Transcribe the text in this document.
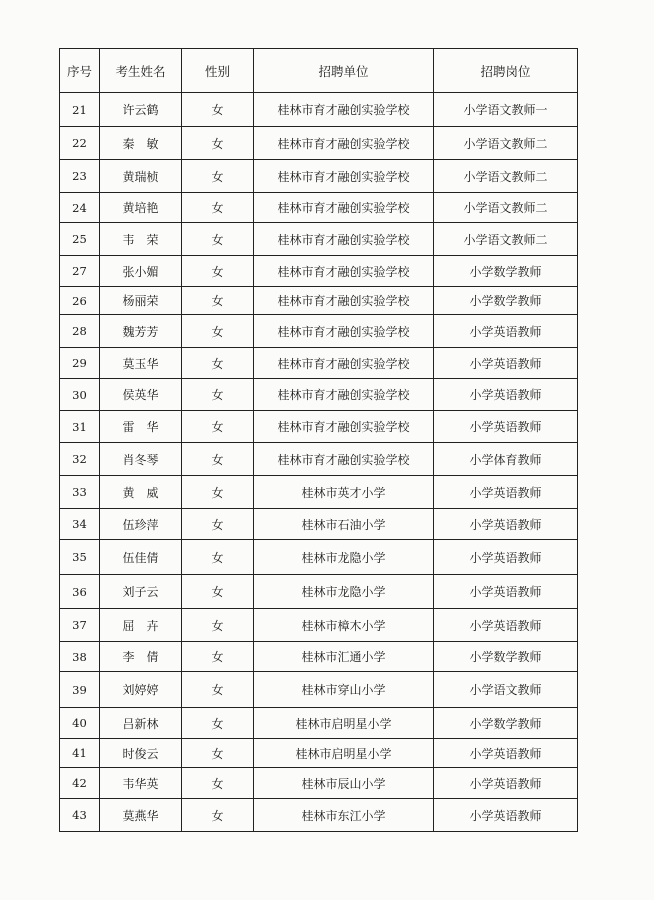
序号	考生姓名	性别	招聘单位	招聘岗位
21	许云鹤	女	桂林市育才融创实验学校	小学语文教师一
22	秦　敏	女	桂林市育才融创实验学校	小学语文教师二
23	黄瑞桢	女	桂林市育才融创实验学校	小学语文教师二
24	黄培艳	女	桂林市育才融创实验学校	小学语文教师二
25	韦　荣	女	桂林市育才融创实验学校	小学语文教师二
27	张小媚	女	桂林市育才融创实验学校	小学数学教师
26	杨丽荣	女	桂林市育才融创实验学校	小学数学教师
28	魏芳芳	女	桂林市育才融创实验学校	小学英语教师
29	莫玉华	女	桂林市育才融创实验学校	小学英语教师
30	侯英华	女	桂林市育才融创实验学校	小学英语教师
31	雷　华	女	桂林市育才融创实验学校	小学英语教师
32	肖冬琴	女	桂林市育才融创实验学校	小学体育教师
33	黄　威	女	桂林市英才小学	小学英语教师
34	伍珍萍	女	桂林市石油小学	小学英语教师
35	伍佳倩	女	桂林市龙隐小学	小学英语教师
36	刘子云	女	桂林市龙隐小学	小学英语教师
37	屈　卉	女	桂林市樟木小学	小学英语教师
38	李　倩	女	桂林市汇通小学	小学数学教师
39	刘婷婷	女	桂林市穿山小学	小学语文教师
40	吕新林	女	桂林市启明星小学	小学数学教师
41	时俊云	女	桂林市启明星小学	小学英语教师
42	韦华英	女	桂林市辰山小学	小学英语教师
43	莫燕华	女	桂林市东江小学	小学英语教师
